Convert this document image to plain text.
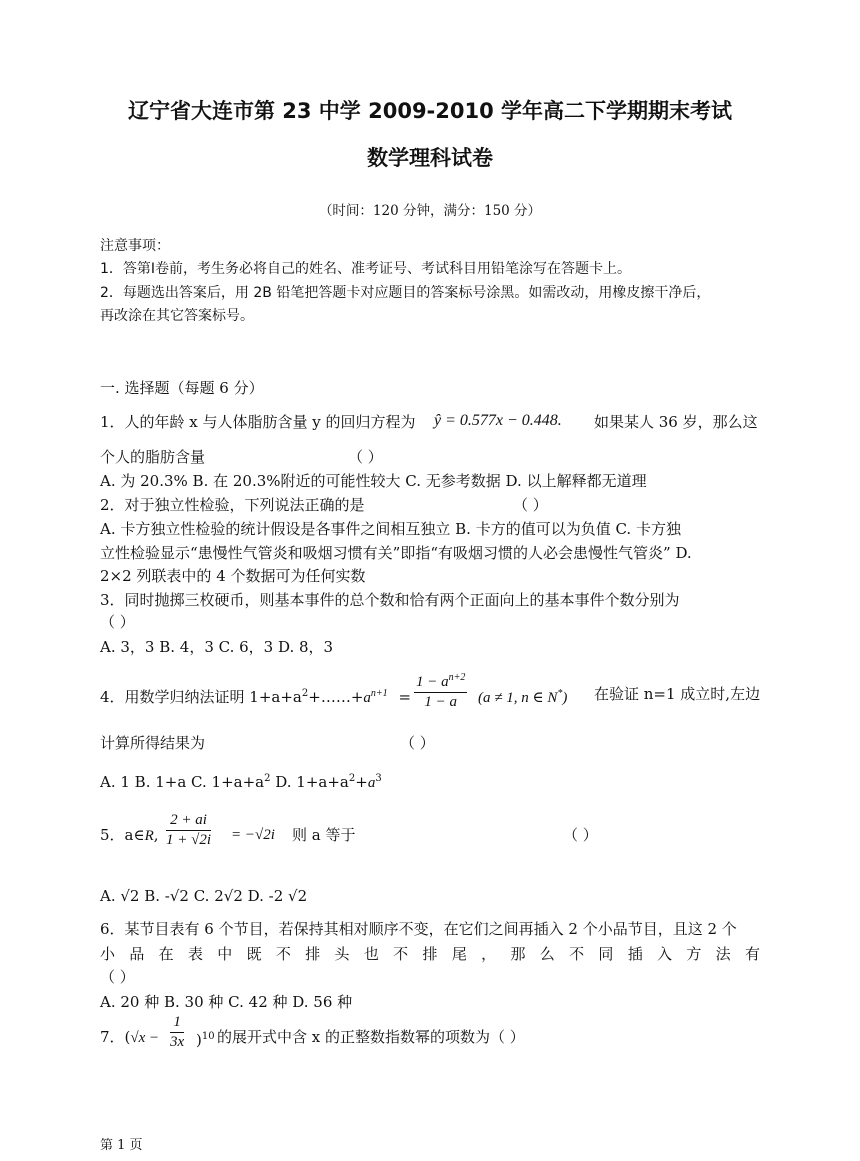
辽宁省大连市第 23 中学 2009-2010 学年高二下学期期末考试
数学理科试卷
（时间：120 分钟，满分：150 分）
注意事项：
1．答第Ⅰ卷前，考生务必将自己的姓名、准考证号、考试科目用铅笔涂写在答题卡上。
2．每题选出答案后，用 2B 铅笔把答题卡对应题目的答案标号涂黑。如需改动，用橡皮擦干净后，
再改涂在其它答案标号。
一. 选择题（每题 6 分）
1．人的年龄 x 与人体脂肪含量 y 的回归方程为 ŷ = 0.577x − 0.448. 如果某人 36 岁，那么这
个人的脂肪含量	（ ）
A. 为 20.3% B. 在 20.3%附近的可能性较大 C. 无参考数据 D. 以上解释都无道理
2．对于独立性检验，下列说法正确的是	（ ）
A. 卡方独立性检验的统计假设是各事件之间相互独立 B. 卡方的值可以为负值 C. 卡方独
立性检验显示“患慢性气管炎和吸烟习惯有关”即指“有吸烟习惯的人必会患慢性气管炎” D.
2×2 列联表中的 4 个数据可为任何实数
3．同时抛掷三枚硬币，则基本事件的总个数和恰有两个正面向上的基本事件个数分别为
（ ）
A. 3，3 B. 4，3 C. 6，3 D. 8，3
4．用数学归纳法证明 $1+a+a^2+\dots\dots+a^{n+1} = \frac{1 - a^{n+2}}{1 - a} (a \ne 1$, n ∈ N*) 在验证 n=1 成立时,左边
计算所得结果为	（ ）
A. 1 B. 1+a C. $1+a+a^2$ D. $1+a+a^2+a^3$
5．a∈R, $\frac{2 + ai}{1 + √2i} = -√2i$ 则 a 等于	（ ）
A. √2 B. -√2 C. 2√2 D. -2 √2
6．某节目表有 6 个节目，若保持其相对顺序不变，在它们之间再插入 2 个小品节目，且这 2 个
小 品 在 表 中 既 不 排 头 也 不 排 尾 ， 那 么 不 同 插 入 方 法 有
（ ）
A. 20 种 B. 30 种 C. 42 种 D. 56 种
7．$(√x - \frac{1}{3x} )^{10}$ 的展开式中含 x 的正整数指数幂的项数为（ ）
第 1 页
